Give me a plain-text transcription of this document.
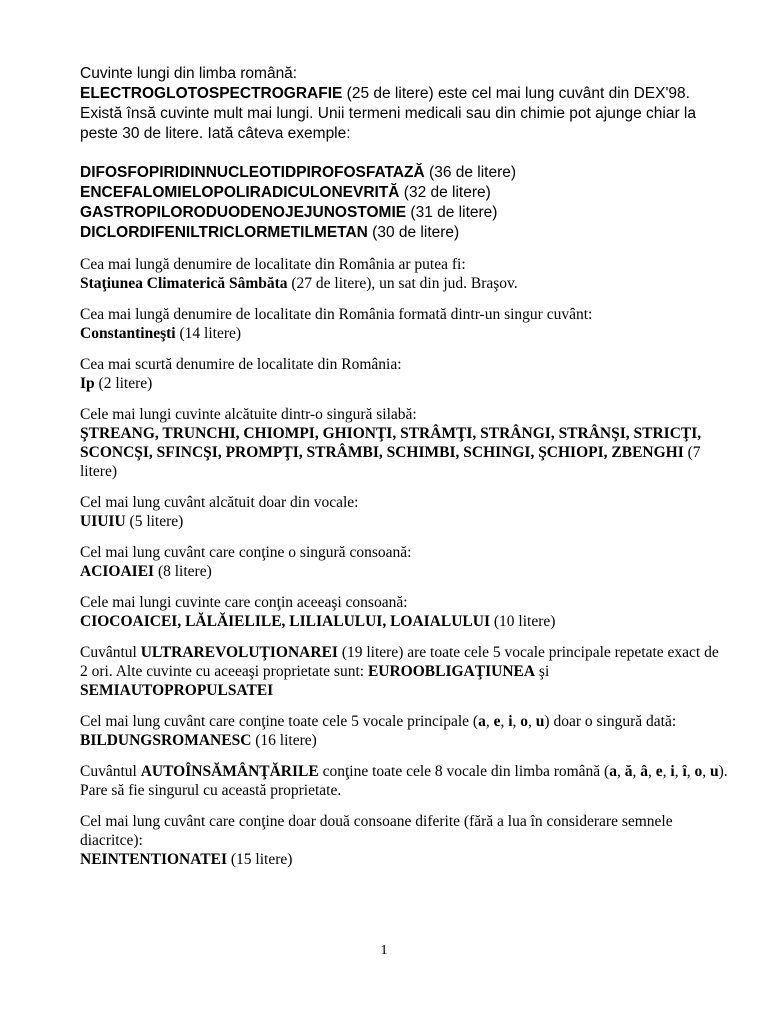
Cuvinte lungi din limba română:
ELECTROGLOTOSPECTROGRAFIE (25 de litere) este cel mai lung cuvânt din DEX'98. Există însă cuvinte mult mai lungi. Unii termeni medicali sau din chimie pot ajunge chiar la peste 30 de litere. Iată câteva exemple:

DIFOSFOPIRIDINNUCLEOTIDPIROFOSFATAZĂ (36 de litere)
ENCEFALOMIELOPOLIRADICULONEVRITĂ (32 de litere)
GASTROPILORODUODENOJEJUNOSTOMIE (31 de litere)
DICLORDIFENILTRICLORMETILMETAN (30 de litere)

Cea mai lungă denumire de localitate din România ar putea fi:
Staţiunea Climaterică Sâmbăta (27 de litere), un sat din jud. Braşov.

Cea mai lungă denumire de localitate din România formată dintr-un singur cuvânt:
Constantineşti (14 litere)

Cea mai scurtă denumire de localitate din România:
Ip (2 litere)

Cele mai lungi cuvinte alcătuite dintr-o singură silabă:
ŞTREANG, TRUNCHI, CHIOMPI, GHIONŢI, STRÂMŢI, STRÂNGI, STRÂNŞI, STRICŢI, SCONCŞI, SFINCŞI, PROMPŢI, STRÂMBI, SCHIMBI, SCHINGI, ŞCHIOPI, ZBENGHI (7 litere)

Cel mai lung cuvânt alcătuit doar din vocale:
UIUIU (5 litere)

Cel mai lung cuvânt care conţine o singură consoană:
ACIOAIEI (8 litere)

Cele mai lungi cuvinte care conţin aceeaşi consoană:
CIOCOAICEI, LĂLĂIELILE, LILIALULUI, LOAIALULUI (10 litere)

Cuvântul ULTRAREVOLUŢIONAREI (19 litere) are toate cele 5 vocale principale repetate exact de 2 ori. Alte cuvinte cu aceeaşi proprietate sunt: EUROOBLIGAŢIUNEA şi SEMIAUTOPROPULSATEI

Cel mai lung cuvânt care conţine toate cele 5 vocale principale (a, e, i, o, u) doar o singură dată:
BILDUNGSROMANESC (16 litere)

Cuvântul AUTOÎNSĂMÂNŢĂRILE conţine toate cele 8 vocale din limba română (a, ă, â, e, i, î, o, u). Pare să fie singurul cu această proprietate.

Cel mai lung cuvânt care conţine doar două consoane diferite (fără a lua în considerare semnele diacritce):
NEINTENTIONATEI (15 litere)

1
